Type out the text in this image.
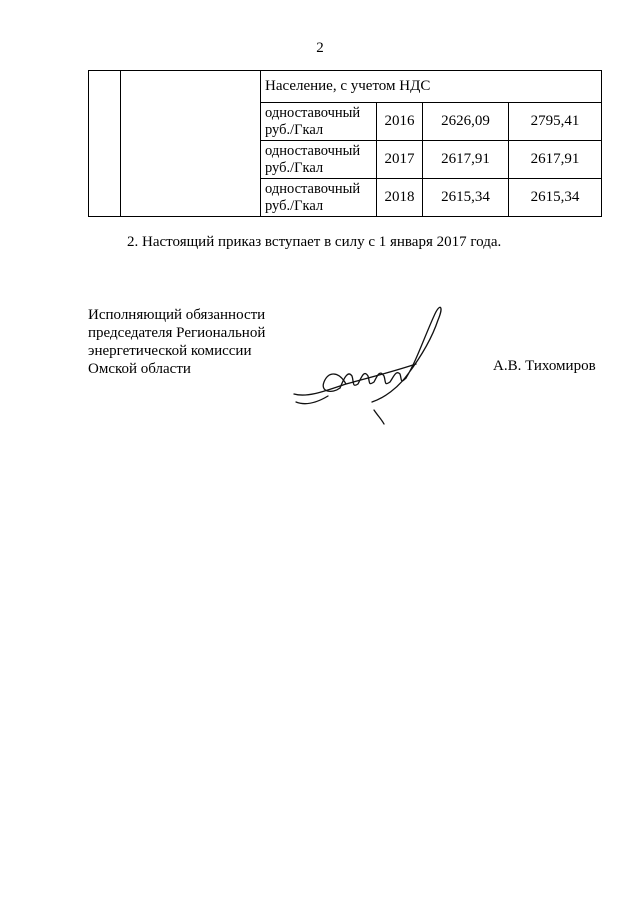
2
		Население, с учетом НДС			

		одноставочный
руб./Гкал	2016	2626,09	2795,41

		одноставочный
руб./Гкал	2017	2617,91	2617,91

		одноставочный
руб./Гкал	2018	2615,34	2615,34
2. Настоящий приказ вступает в силу с 1 января 2017 года.
Исполняющий обязанности
председателя Региональной
энергетической комиссии
Омской области	А.В. Тихомиров
